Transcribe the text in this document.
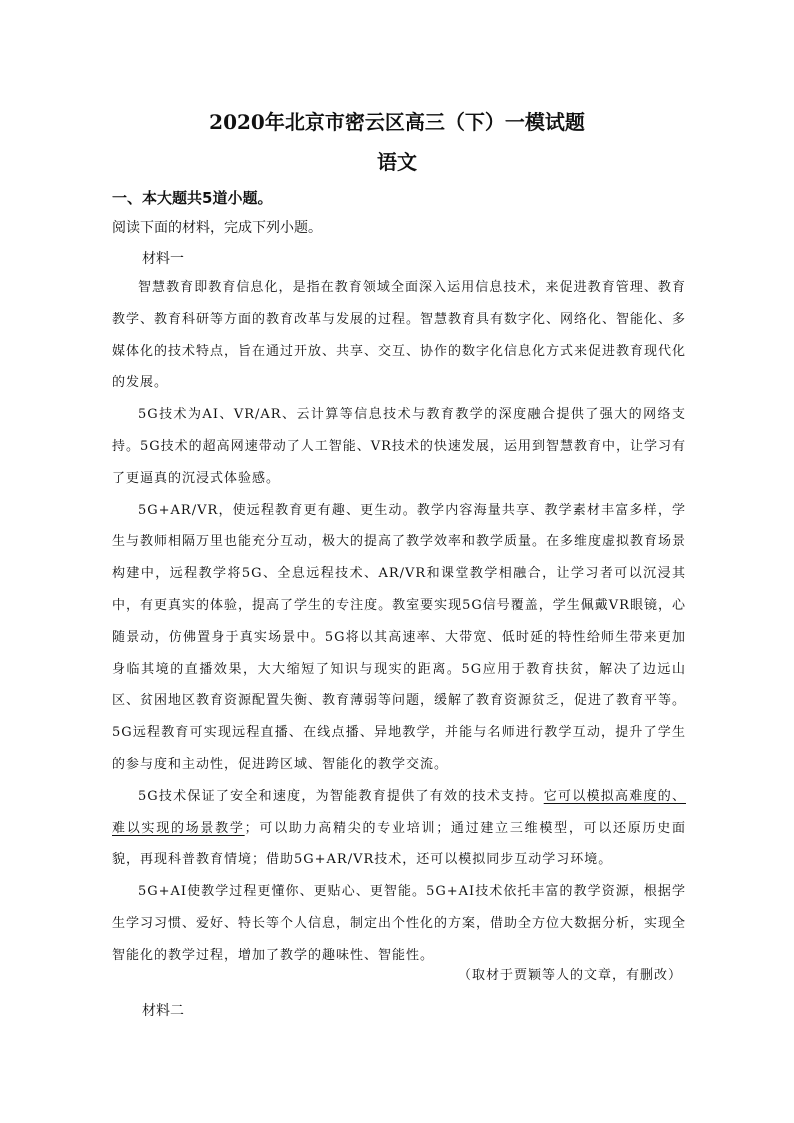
2020年北京市密云区高三（下）一模试题
语文
一、本大题共5道小题。
阅读下面的材料，完成下列小题。
材料一

智慧教育即教育信息化，是指在教育领域全面深入运用信息技术，来促进教育管理、教育教学、教育科研等方面的教育改革与发展的过程。智慧教育具有数字化、网络化、智能化、多媒体化的技术特点，旨在通过开放、共享、交互、协作的数字化信息化方式来促进教育现代化的发展。

5G技术为AI、VR/AR、云计算等信息技术与教育教学的深度融合提供了强大的网络支持。5G技术的超高网速带动了人工智能、VR技术的快速发展，运用到智慧教育中，让学习有了更逼真的沉浸式体验感。

5G+AR/VR，使远程教育更有趣、更生动。教学内容海量共享、教学素材丰富多样，学生与教师相隔万里也能充分互动，极大的提高了教学效率和教学质量。在多维度虚拟教育场景构建中，远程教学将5G、全息远程技术、AR/VR和课堂教学相融合，让学习者可以沉浸其中，有更真实的体验，提高了学生的专注度。教室要实现5G信号覆盖，学生佩戴VR眼镜，心随景动，仿佛置身于真实场景中。5G将以其高速率、大带宽、低时延的特性给师生带来更加身临其境的直播效果，大大缩短了知识与现实的距离。5G应用于教育扶贫，解决了边远山区、贫困地区教育资源配置失衡、教育薄弱等问题，缓解了教育资源贫乏，促进了教育平等。5G远程教育可实现远程直播、在线点播、异地教学，并能与名师进行教学互动，提升了学生的参与度和主动性，促进跨区域、智能化的教学交流。

5G技术保证了安全和速度，为智能教育提供了有效的技术支持。它可以模拟高难度的、难以实现的场景教学；可以助力高精尖的专业培训；通过建立三维模型，可以还原历史面貌，再现科普教育情境；借助5G+AR/VR技术，还可以模拟同步互动学习环境。

5G+AI使教学过程更懂你、更贴心、更智能。5G+AI技术依托丰富的教学资源，根据学生学习习惯、爱好、特长等个人信息，制定出个性化的方案，借助全方位大数据分析，实现全智能化的教学过程，增加了教学的趣味性、智能性。

（取材于贾颖等人的文章，有删改）
材料二
